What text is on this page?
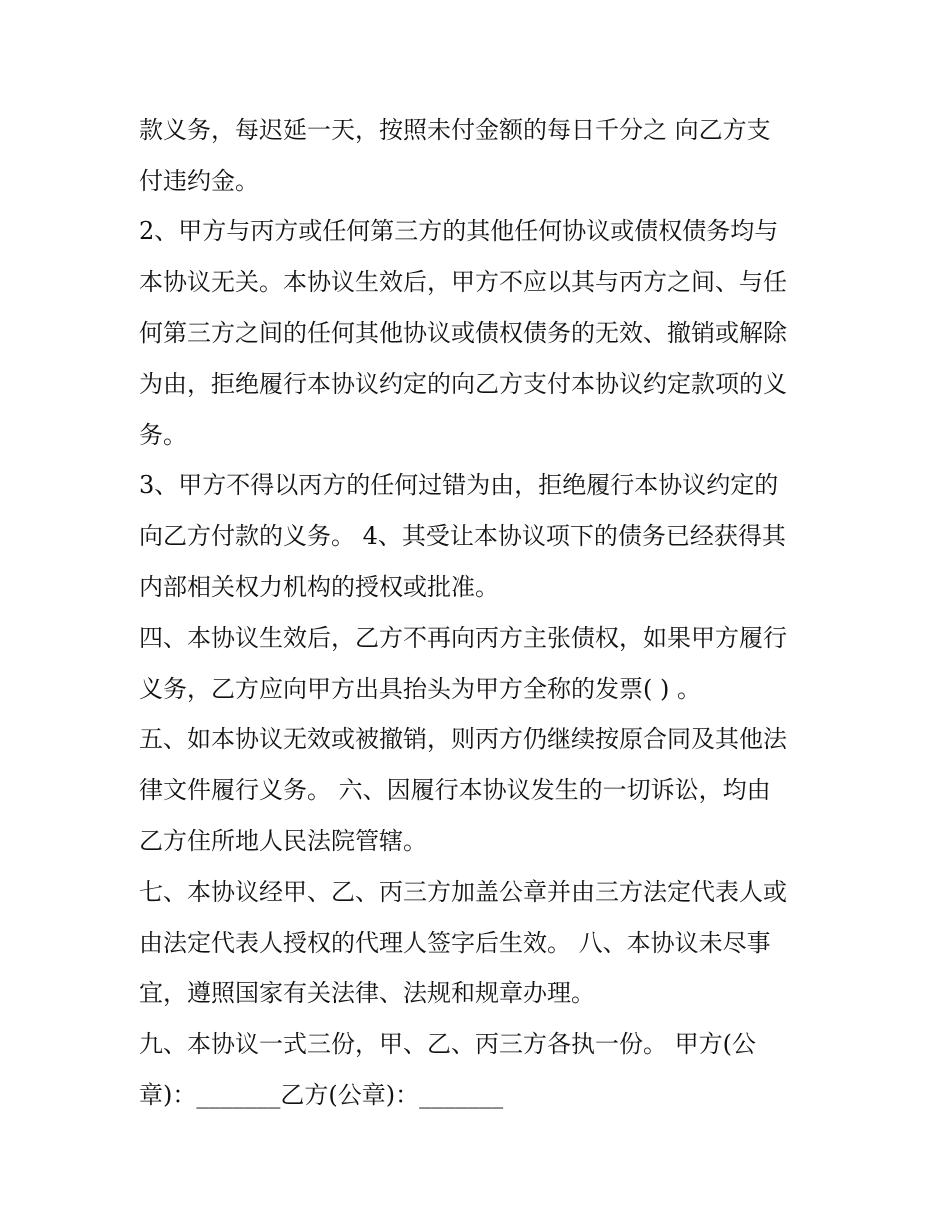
款义务，每迟延一天，按照未付金额的每日千分之 向乙方支
付违约金。
2、甲方与丙方或任何第三方的其他任何协议或债权债务均与
本协议无关。本协议生效后，甲方不应以其与丙方之间、与任
何第三方之间的任何其他协议或债权债务的无效、撤销或解除
为由，拒绝履行本协议约定的向乙方支付本协议约定款项的义
务。
3、甲方不得以丙方的任何过错为由，拒绝履行本协议约定的
向乙方付款的义务。 4、其受让本协议项下的债务已经获得其
内部相关权力机构的授权或批准。
四、本协议生效后，乙方不再向丙方主张债权，如果甲方履行
义务，乙方应向甲方出具抬头为甲方全称的发票( ) 。
五、如本协议无效或被撤销，则丙方仍继续按原合同及其他法
律文件履行义务。 六、因履行本协议发生的一切诉讼，均由
乙方住所地人民法院管辖。
七、本协议经甲、乙、丙三方加盖公章并由三方法定代表人或
由法定代表人授权的代理人签字后生效。 八、本协议未尽事
宜，遵照国家有关法律、法规和规章办理。
九、本协议一式三份，甲、乙、丙三方各执一份。 甲方(公
章)：_______乙方(公章)：_______
